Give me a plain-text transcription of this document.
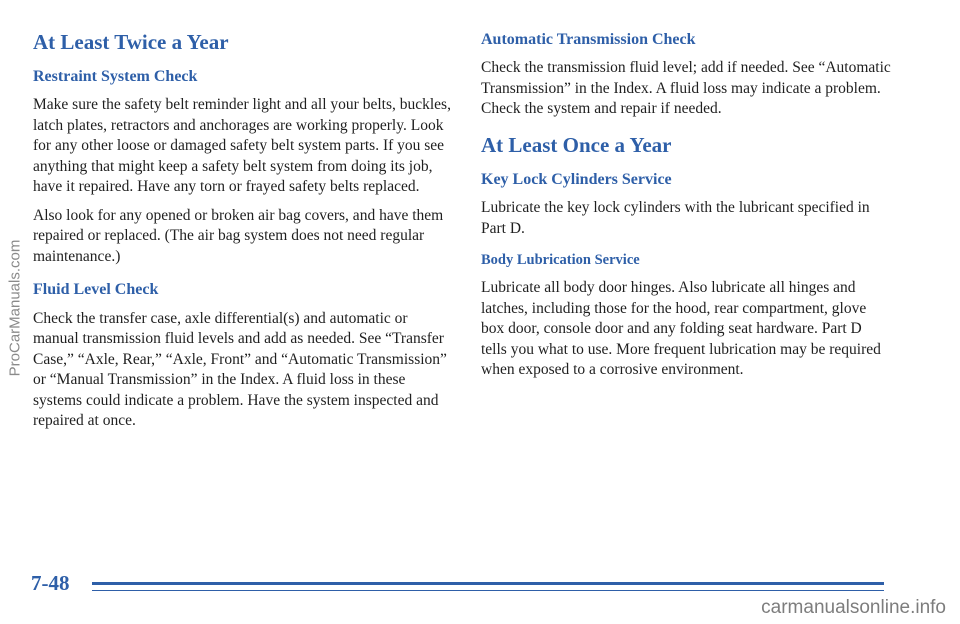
ProCarManuals.com
At Least Twice a Year
Restraint System Check

Make sure the safety belt reminder light and all your belts, buckles, latch plates, retractors and anchorages are working properly. Look for any other loose or damaged safety belt system parts. If you see anything that might keep a safety belt system from doing its job, have it repaired. Have any torn or frayed safety belts replaced.

Also look for any opened or broken air bag covers, and have them repaired or replaced. (The air bag system does not need regular maintenance.)

Fluid Level Check

Check the transfer case, axle differential(s) and automatic or manual transmission fluid levels and add as needed. See “Transfer Case,” “Axle, Rear,” “Axle, Front” and “Automatic Transmission” or “Manual Transmission” in the Index. A fluid loss in these systems could indicate a problem. Have the system inspected and repaired at once.

Automatic Transmission Check

Check the transmission fluid level; add if needed. See “Automatic Transmission” in the Index. A fluid loss may indicate a problem. Check the system and repair if needed.

At Least Once a Year
Key Lock Cylinders Service

Lubricate the key lock cylinders with the lubricant specified in Part D.

Body Lubrication Service

Lubricate all body door hinges. Also lubricate all hinges and latches, including those for the hood, rear compartment, glove box door, console door and any folding seat hardware. Part D tells you what to use. More frequent lubrication may be required when exposed to a corrosive environment.

7-48
carmanualsonline.info
